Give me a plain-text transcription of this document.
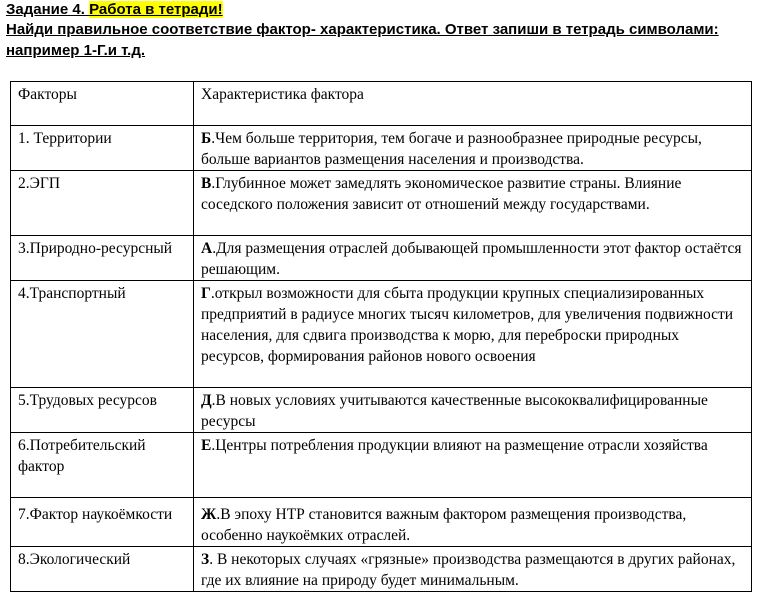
Задание 4. Работа в тетради!
Найди правильное соответствие фактор- характеристика. Ответ запиши в тетрадь символами: например 1-Г.и т.д.
Факторы	Характеристика фактора
1. Территории	Б.Чем больше территория, тем богаче и разнообразнее природные ресурсы, больше вариантов размещения населения и производства.
2.ЭГП	В.Глубинное может замедлять экономическое развитие страны. Влияние соседского положения зависит от отношений между государствами.
3.Природно-ресурсный	А.Для размещения отраслей добывающей промышленности этот фактор остаётся решающим.
4.Транспортный	Г.открыл возможности для сбыта продукции крупных специализированных предприятий в радиусе многих тысяч километров, для увеличения подвижности населения, для сдвига производства к морю, для переброски природных ресурсов, формирования районов нового освоения
5.Трудовых ресурсов	Д.В новых условиях учитываются качественные высококвалифицированные ресурсы
6.Потребительский фактор	Е.Центры потребления продукции влияют на размещение отрасли хозяйства
7.Фактор наукоёмкости	Ж.В эпоху НТР становится важным фактором размещения производства, особенно наукоёмких отраслей.
8.Экологический	З. В некоторых случаях «грязные» производства размещаются в других районах, где их влияние на природу будет минимальным.
